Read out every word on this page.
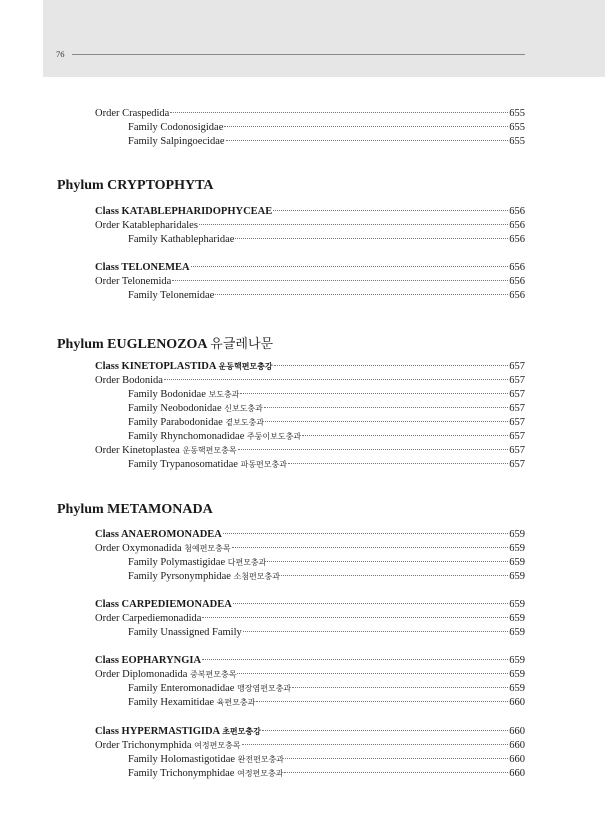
76
Order Craspedida	655
Family Codonosigidae	655
Family Salpingoecidae	655
Phylum CRYPTOPHYTA
Class KATABLEPHARIDOPHYCEAE	656
Order Katablepharidales	656
Family Kathablepharidae	656
Class TELONEMEA	656
Order Telonemida	656
Family Telonemidae	656
Phylum EUGLENOZOA 유글레나문
Class KINETOPLASTIDA 운동핵편모충강	657
Order Bodonida	657
Family Bodonidae 보도충과	657
Family Neobodonidae 신보도충과	657
Family Parabodonidae 곁보도충과	657
Family Rhynchomonadidae 주둥이보도충과	657
Order Kinetoplastea 운동핵편모충목	657
Family Trypanosomatidae 파동편모충과	657
Phylum METAMONADA
Class ANAEROMONADEA	659
Order Oxymonadida 첨예편모충목	659
Family Polymastigidae 다편모충과	659
Family Pyrsonymphidae 소첨편모충과	659
Class CARPEDIEMONADEA	659
Order Carpediemonadida	659
Family Unassigned Family	659
Class EOPHARYNGIA	659
Order Diplomonadida 중복편모충목	659
Family Enteromonadidae 맹장염편모충과	659
Family Hexamitidae 육편모충과	660
Class HYPERMASTIGIDA 초편모충강	660
Order Trichonymphida 여정편모충목	660
Family Holomastigotidae 완전편모충과	660
Family Trichonymphidae 여정편모충과	660
